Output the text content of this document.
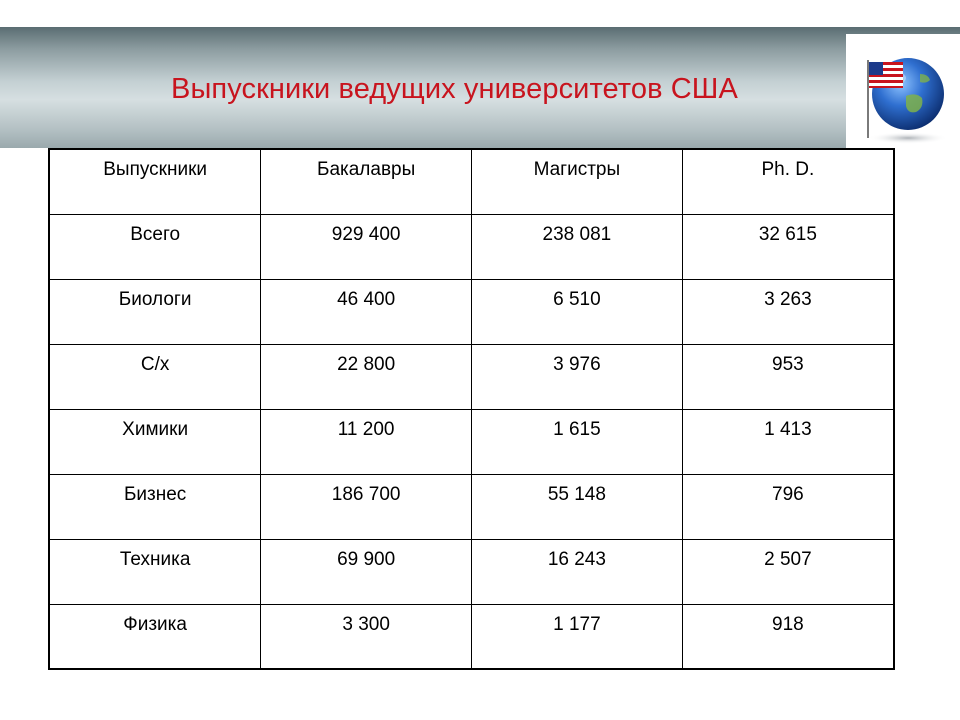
Выпускники ведущих университетов США
Выпускники	Бакалавры	Магистры	Ph. D.
Всего	929 400	238 081	32 615
Биологи	46 400	6 510	3 263
С/х	22 800	3 976	953
Химики	11 200	1 615	1 413
Бизнес	186 700	55 148	796
Техника	69 900	16 243	2 507
Физика	3 300	1 177	918
